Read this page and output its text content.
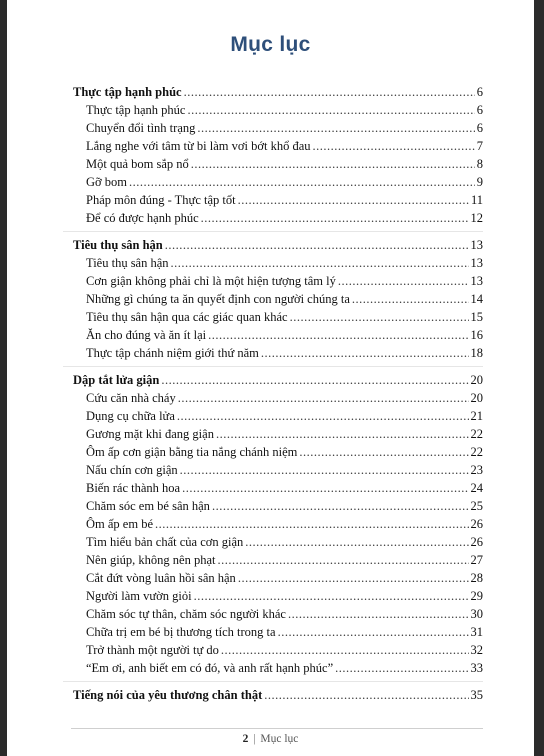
Mục lục
Thực tập hạnh phúc .....	6
Thực tập hạnh phúc .....	6
Chuyển đổi tình trạng .....	6
Lắng nghe với tâm từ bi làm vơi bớt khổ đau .....	7
Một quả bom sắp nổ .....	8
Gỡ bom .....	9
Pháp môn đúng - Thực tập tốt .....	11
Để có được hạnh phúc .....	12
Tiêu thụ sân hận .....	13
Tiêu thụ sân hận .....	13
Cơn giận không phải chỉ là một hiện tượng tâm lý .....	13
Những gì chúng ta ăn quyết định con người chúng ta .....	14
Tiêu thụ sân hận qua các giác quan khác .....	15
Ăn cho đúng và ăn ít lại .....	16
Thực tập chánh niệm giới thứ năm .....	18
Dập tắt lửa giận .....	20
Cứu căn nhà cháy .....	20
Dụng cụ chữa lửa .....	21
Gương mặt khi đang giận .....	22
Ôm ấp cơn giận bằng tia nắng chánh niệm .....	22
Nấu chín cơn giận .....	23
Biến rác thành hoa .....	24
Chăm sóc em bé sân hận .....	25
Ôm ấp em bé .....	26
Tìm hiểu bản chất của cơn giận .....	26
Nên giúp, không nên phạt .....	27
Cắt đứt vòng luân hồi sân hận .....	28
Người làm vườn giỏi .....	29
Chăm sóc tự thân, chăm sóc người khác .....	30
Chữa trị em bé bị thương tích trong ta .....	31
Trở thành một người tự do .....	32
“Em ơi, anh biết em có đó, và anh rất hạnh phúc” .....	33
Tiếng nói của yêu thương chân thật .....	35
2 | Mục lục
